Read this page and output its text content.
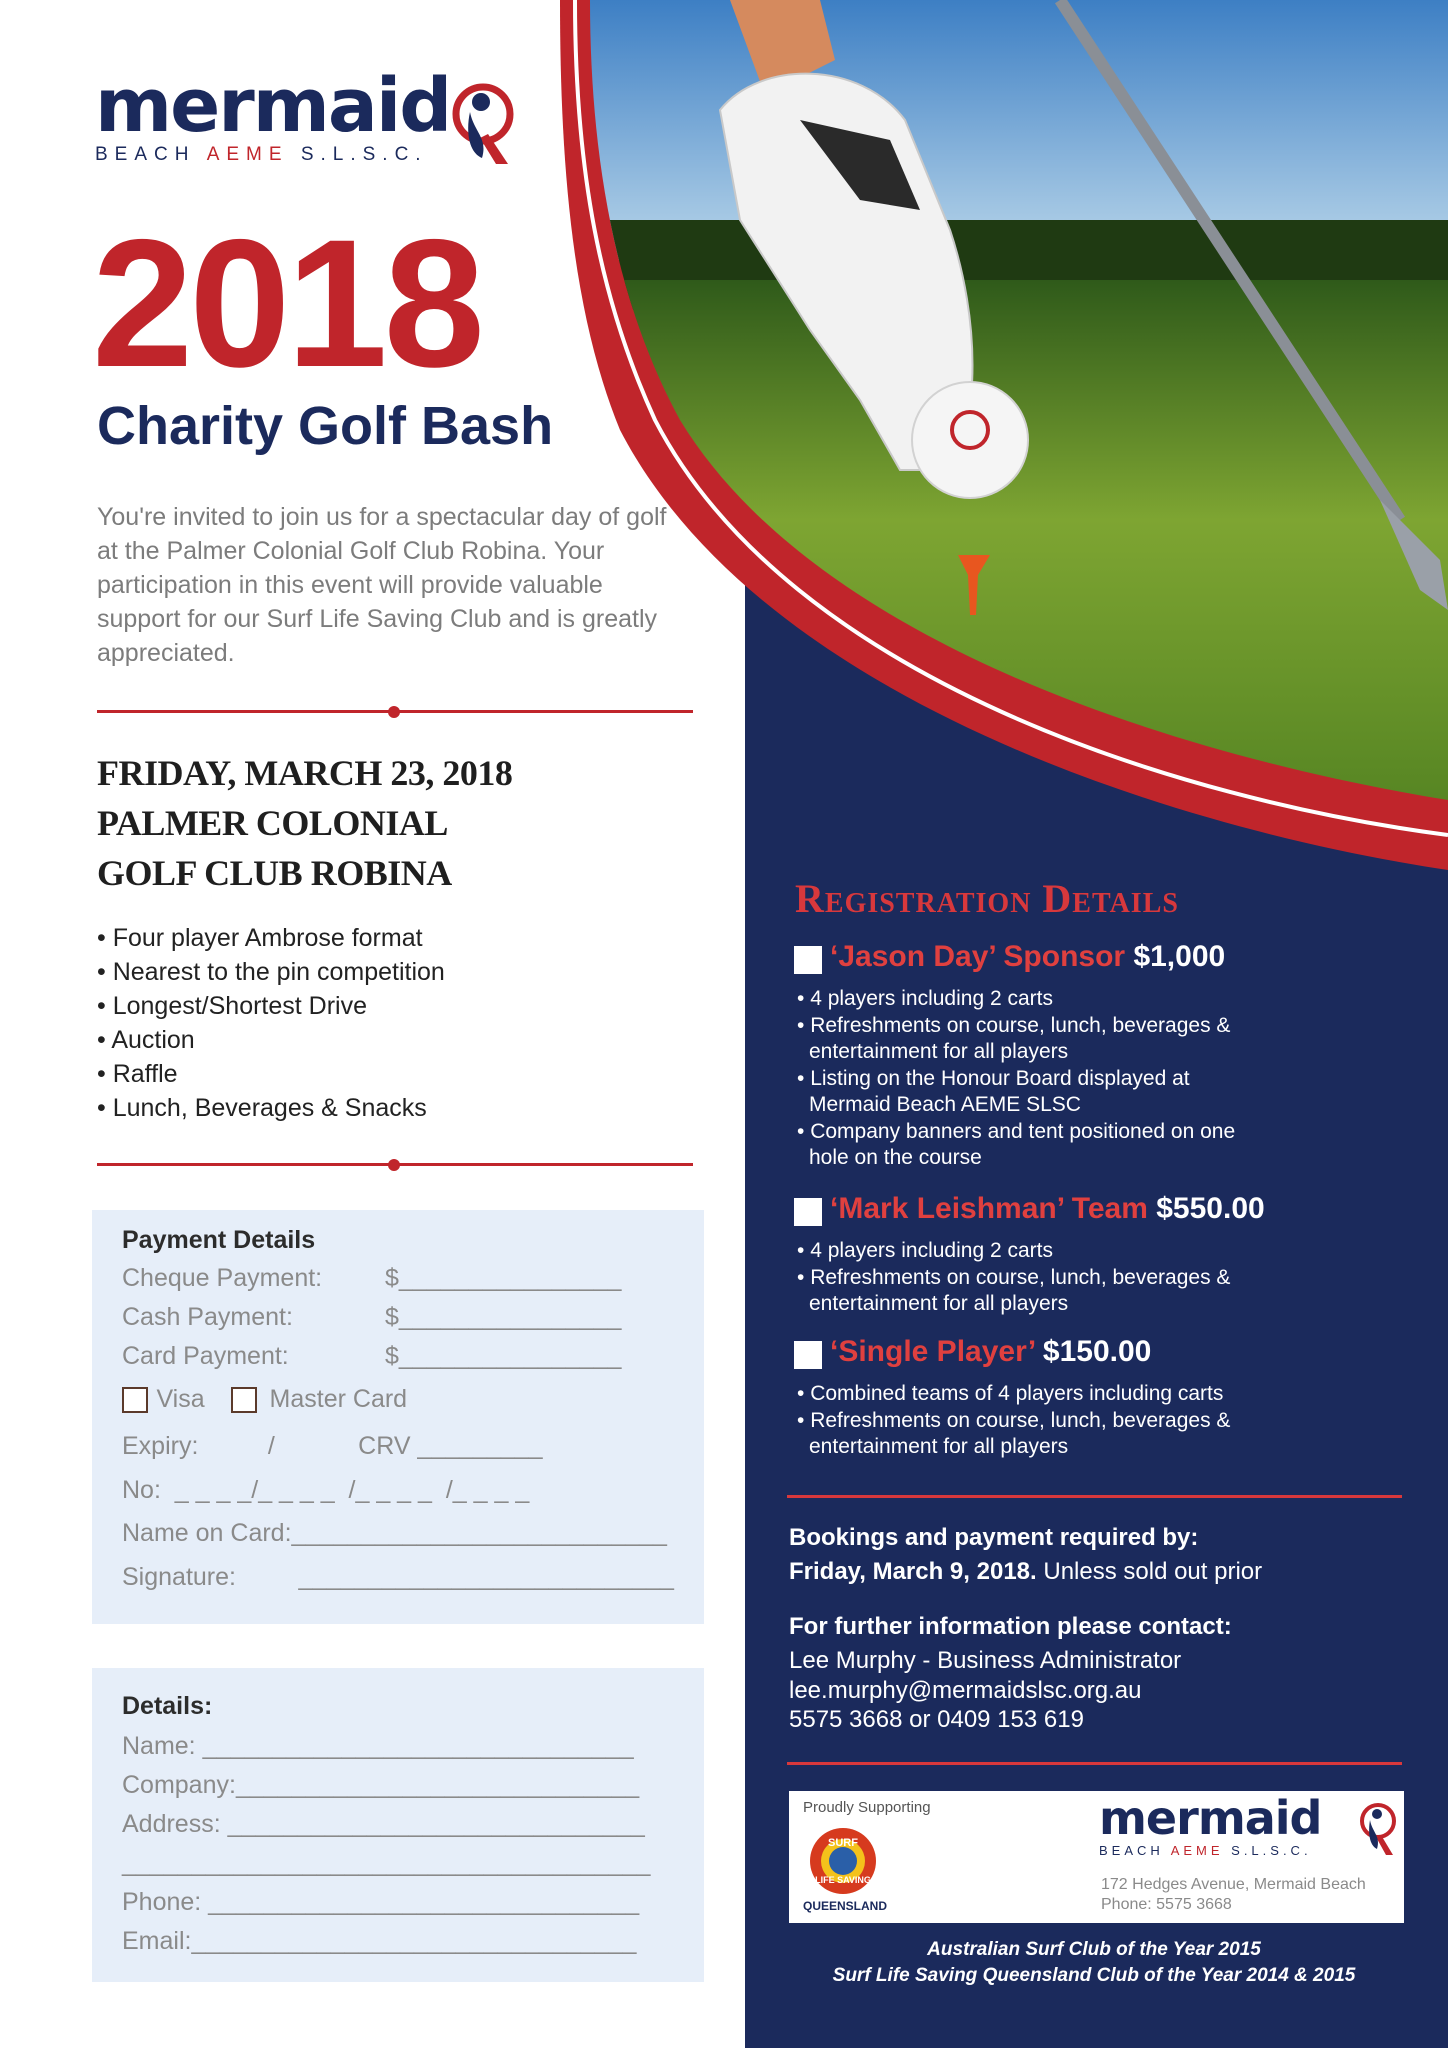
mermaid
BEACH AEME S.L.S.C.
2018
Charity Golf Bash
You're invited to join us for a spectacular day of golf at the Palmer Colonial Golf Club Robina. Your participation in this event will provide valuable support for our Surf Life Saving Club and is greatly appreciated.
FRIDAY, MARCH 23, 2018
PALMER COLONIAL
GOLF CLUB ROBINA
• Four player Ambrose format
• Nearest to the pin competition
• Longest/Shortest Drive
• Auction
• Raffle
• Lunch, Beverages & Snacks
Payment Details
Cheque Payment:	$________________
Cash Payment:	$________________
Card Payment:	$________________
Visa	Master Card
Expiry:          /            CRV _________
No:  _ _ _ _/_ _ _ _  /_ _ _ _  /_ _ _ _
Name on Card:___________________________
Signature:         ___________________________
Details:
Name: _______________________________
Company:_____________________________
Address: ______________________________
______________________________________
Phone: _______________________________
Email:________________________________
Registration Details
‘Jason Day’ Sponsor $1,000
• 4 players including 2 carts
• Refreshments on course, lunch, beverages & entertainment for all players
• Listing on the Honour Board displayed at Mermaid Beach AEME SLSC
• Company banners and tent positioned on one hole on the course
‘Mark Leishman’ Team $550.00
• 4 players including 2 carts
• Refreshments on course, lunch, beverages & entertainment for all players
‘Single Player’ $150.00
• Combined teams of 4 players including carts
• Refreshments on course, lunch, beverages & entertainment for all players
Bookings and payment required by:
Friday, March 9, 2018. Unless sold out prior
For further information please contact:
Lee Murphy - Business Administrator
lee.murphy@mermaidslsc.org.au
5575 3668 or 0409 153 619
Proudly Supporting
SURF
LIFE SAVING
QUEENSLAND
mermaid
BEACH AEME S.L.S.C.
172 Hedges Avenue, Mermaid Beach
Phone: 5575 3668
Australian Surf Club of the Year 2015
Surf Life Saving Queensland Club of the Year 2014 & 2015
